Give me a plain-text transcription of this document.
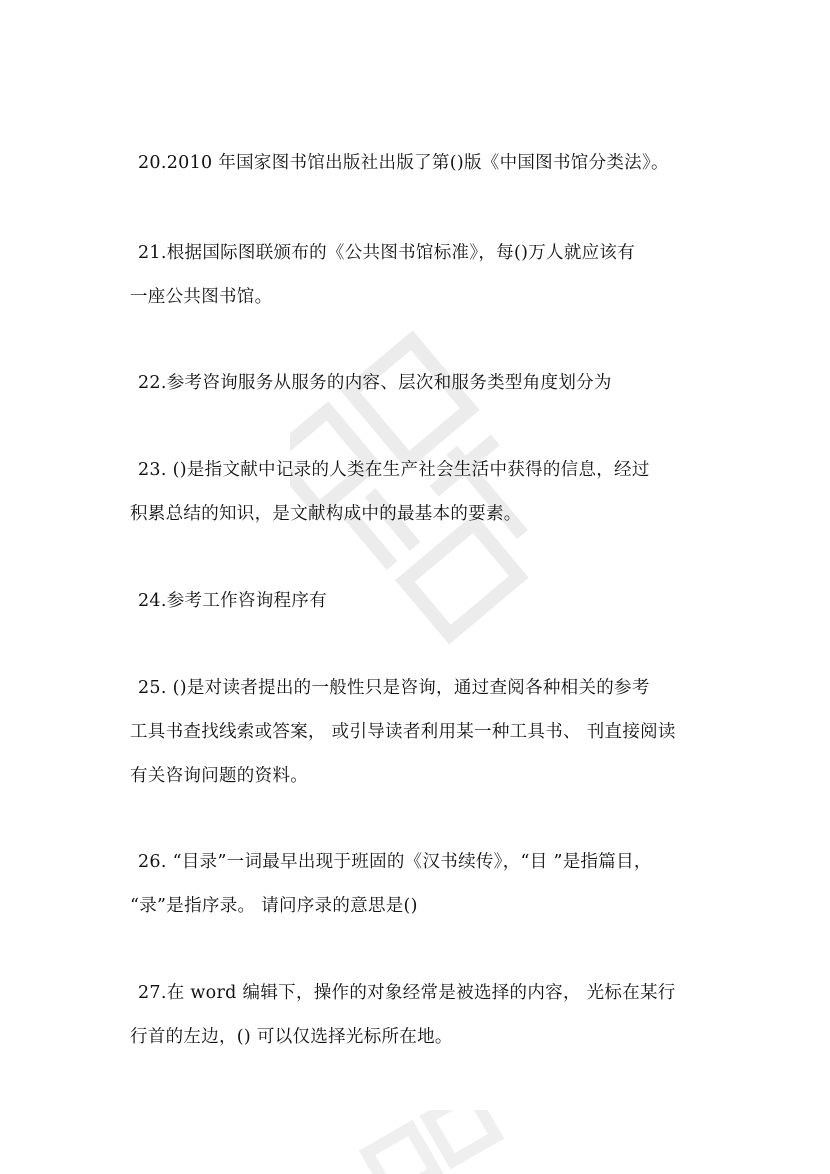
20.2010 年国家图书馆出版社出版了第()版《中国图书馆分类法》。
21.根据国际图联颁布的《公共图书馆标准》，每()万人就应该有
一座公共图书馆。
22.参考咨询服务从服务的内容、层次和服务类型角度划分为
23. ()是指文献中记录的人类在生产社会生活中获得的信息，经过
积累总结的知识，是文献构成中的最基本的要素。
24.参考工作咨询程序有
25. ()是对读者提出的一般性只是咨询，通过查阅各种相关的参考
工具书查找线索或答案， 或引导读者利用某一种工具书、 刊直接阅读
有关咨询问题的资料。
26. “目录”一词最早出现于班固的《汉书续传》，“目 ”是指篇目，
“录”是指序录。 请问序录的意思是()
27.在 word 编辑下，操作的对象经常是被选择的内容， 光标在某行
行首的左边，() 可以仅选择光标所在地。
